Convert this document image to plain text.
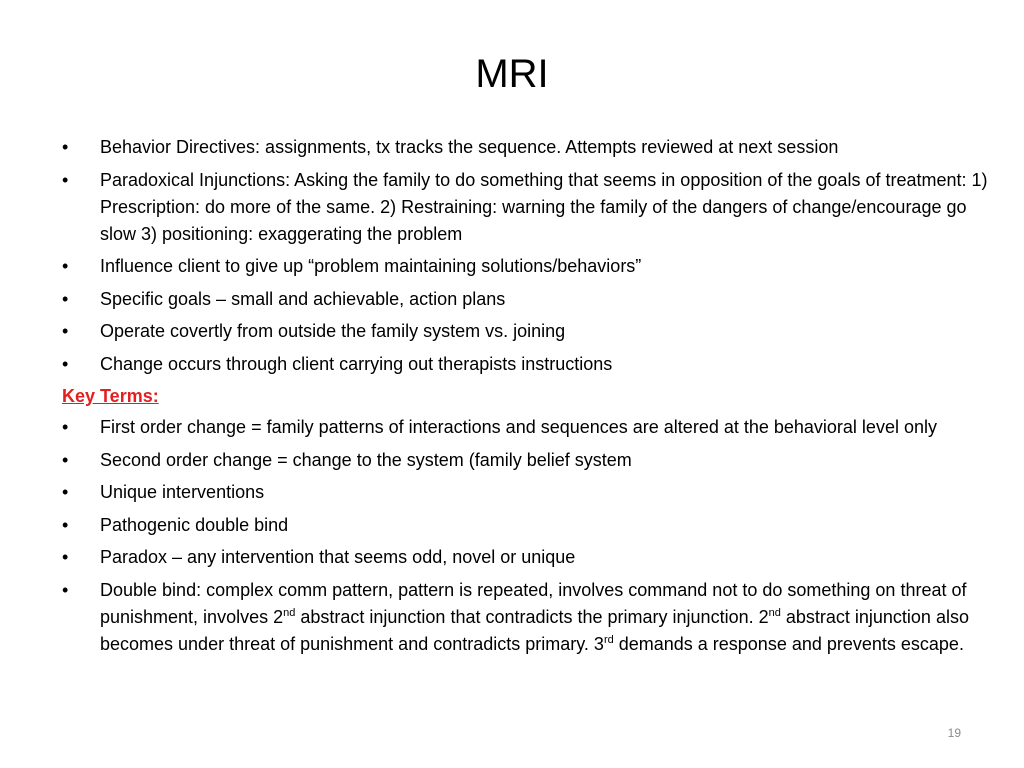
MRI
•	Behavior Directives: assignments, tx tracks the sequence. Attempts reviewed at next session
•	Paradoxical Injunctions: Asking the family to do something that seems in opposition of the goals of treatment: 1) Prescription: do more of the same. 2) Restraining: warning the family of the dangers of change/encourage go slow 3) positioning: exaggerating the problem
•	Influence client to give up “problem maintaining solutions/behaviors”
•	Specific goals – small and achievable, action plans
•	Operate covertly from outside the family system vs. joining
•	Change occurs through client carrying out therapists instructions
Key Terms:
•	First order change = family patterns of interactions and sequences are altered at the behavioral level only
•	Second order change = change to the system (family belief system
•	Unique interventions
•	Pathogenic double bind
•	Paradox – any intervention that seems odd, novel or unique
•	Double bind: complex comm pattern, pattern is repeated, involves command not to do something on threat of punishment, involves 2nd abstract injunction that contradicts the primary injunction. 2nd abstract injunction also becomes under threat of punishment and contradicts primary. 3rd demands a response and prevents escape.
19
